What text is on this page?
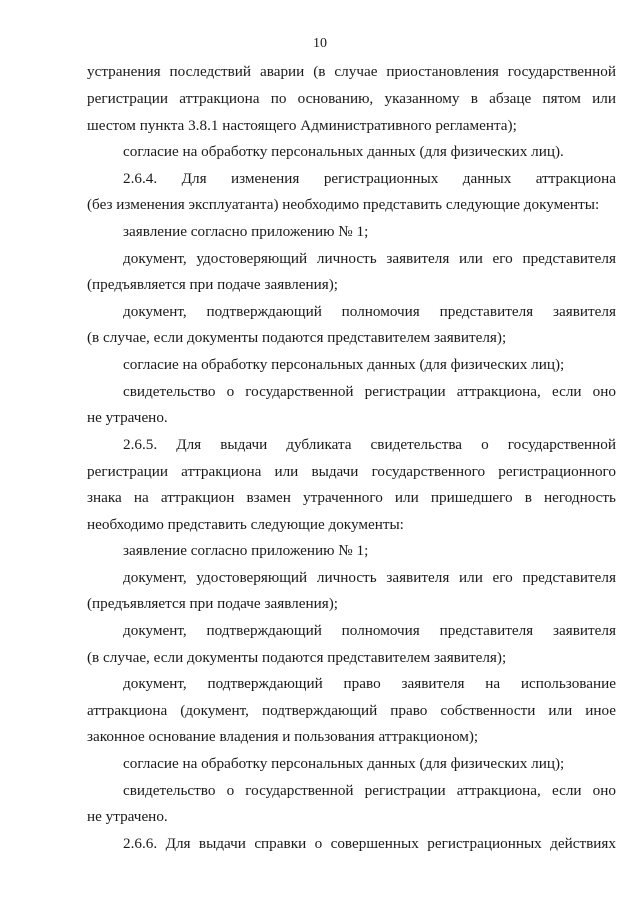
10
устранения последствий аварии (в случае приостановления государственной
регистрации аттракциона по основанию, указанному в абзаце пятом или
шестом пункта 3.8.1 настоящего Административного регламента);
согласие на обработку персональных данных (для физических лиц).
2.6.4. Для изменения регистрационных данных аттракциона
(без изменения эксплуатанта) необходимо представить следующие документы:
заявление согласно приложению № 1;
документ, удостоверяющий личность заявителя или его представителя
(предъявляется при подаче заявления);
документ, подтверждающий полномочия представителя заявителя
(в случае, если документы подаются представителем заявителя);
согласие на обработку персональных данных (для физических лиц);
свидетельство о государственной регистрации аттракциона, если оно
не утрачено.
2.6.5. Для выдачи дубликата свидетельства о государственной
регистрации аттракциона или выдачи государственного регистрационного
знака на аттракцион взамен утраченного или пришедшего в негодность
необходимо представить следующие документы:
заявление согласно приложению № 1;
документ, удостоверяющий личность заявителя или его представителя
(предъявляется при подаче заявления);
документ, подтверждающий полномочия представителя заявителя
(в случае, если документы подаются представителем заявителя);
документ, подтверждающий право заявителя на использование
аттракциона (документ, подтверждающий право собственности или иное
законное основание владения и пользования аттракционом);
согласие на обработку персональных данных (для физических лиц);
свидетельство о государственной регистрации аттракциона, если оно
не утрачено.
2.6.6. Для выдачи справки о совершенных регистрационных действиях
